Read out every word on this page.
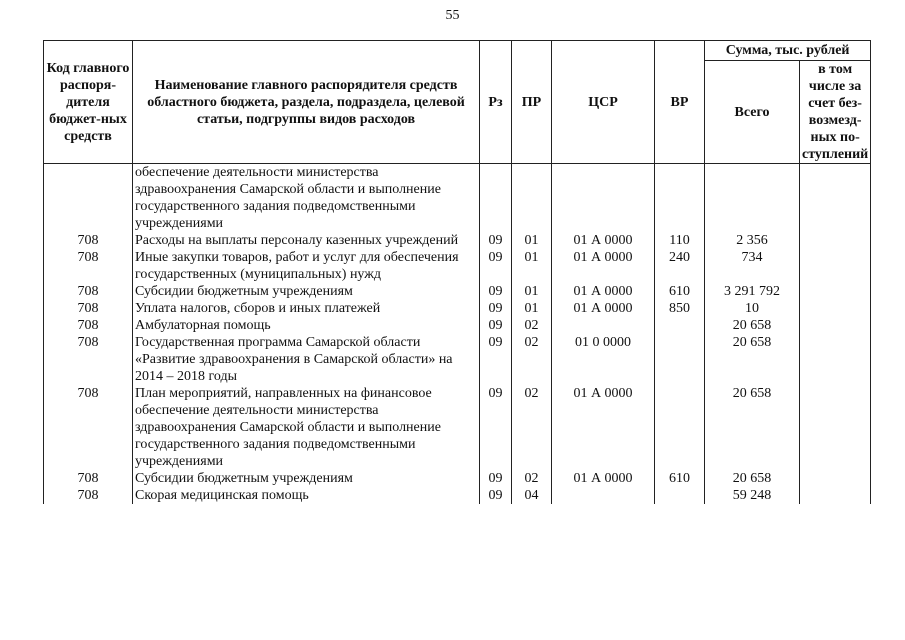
55
Код главного распоря-дителя бюджет-ных средств	Наименование главного распорядителя средств областного бюджета, раздела, подраздела, целевой статьи, подгруппы видов расходов	Рз	ПР	ЦСР	ВР	Сумма, тыс. рублей	
						Всего	в том числе за счет без-возмезд-ных по-ступлений
	обеспечение деятельности министерства здравоохранения Самарской области и выполнение государственного задания подведомственными учреждениями						
708	Расходы на выплаты персоналу казенных учреждений	09	01	01 А 0000	110	2 356	
708	Иные закупки товаров, работ и услуг для обеспечения государственных (муниципальных) нужд	09	01	01 А 0000	240	734	
708	Субсидии бюджетным учреждениям	09	01	01 А 0000	610	3 291 792	
708	Уплата налогов, сборов и иных платежей	09	01	01 А 0000	850	10	
708	Амбулаторная помощь	09	02			20 658	
708	Государственная программа Самарской области «Развитие здравоохранения в Самарской области» на 2014 – 2018 годы	09	02	01 0 0000		20 658	
708	План мероприятий, направленных на финансовое обеспечение деятельности министерства здравоохранения Самарской области и выполнение государственного задания подведомственными учреждениями	09	02	01 А 0000		20 658	
708	Субсидии бюджетным учреждениям	09	02	01 А 0000	610	20 658	
708	Скорая медицинская помощь	09	04			59 248	
